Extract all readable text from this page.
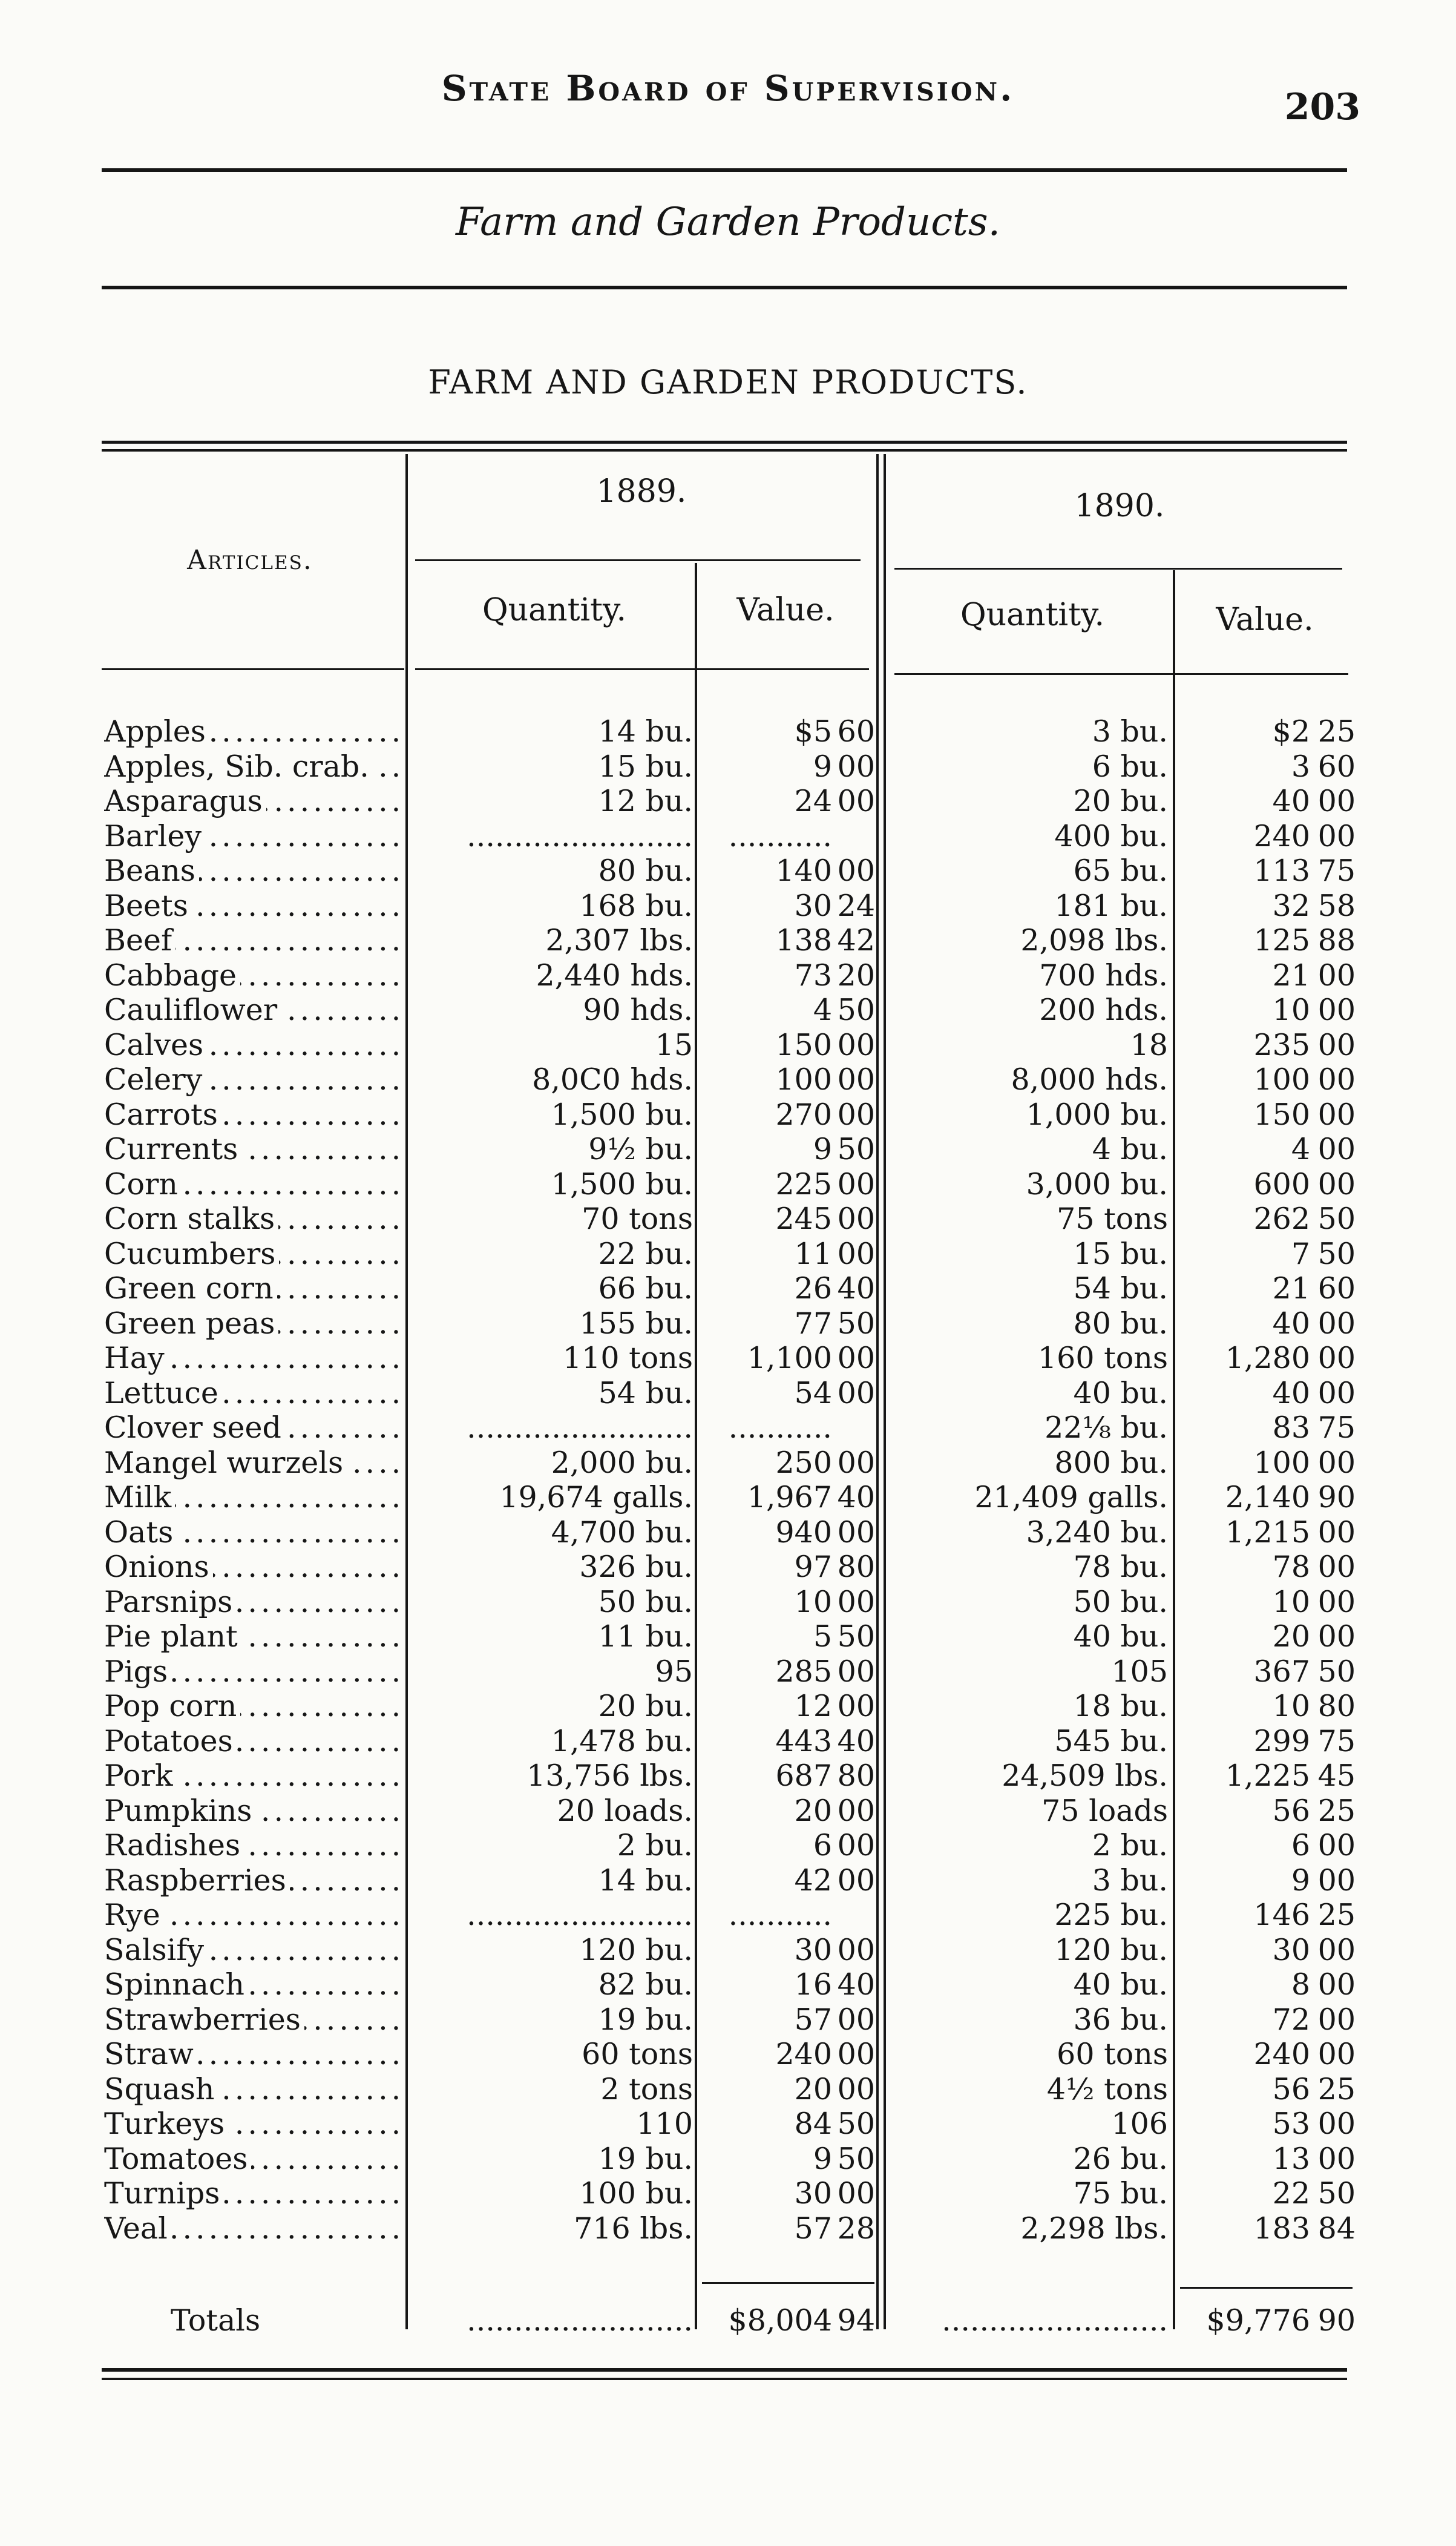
State Board of Supervision.	203
Farm and Garden Products.
FARM AND GARDEN PRODUCTS.
Articles.
1889.	1890.
Quantity.	Value.	Quantity.	Value.
Apples .....	14 bu.	$5 60	3 bu.	$2 25
Apples, Sib. crab. .....	15 bu.	9 00	6 bu.	3 60
Asparagus .....	12 bu.	24 00	20 bu.	40 00
Barley .....	........................	...........	400 bu.	240 00
Beans .....	80 bu.	140 00	65 bu.	113 75
Beets .....	168 bu.	30 24	181 bu.	32 58
Beef .....	2,307 lbs.	138 42	2,098 lbs.	125 88
Cabbage .....	2,440 hds.	73 20	700 hds.	21 00
Cauliflower .....	90 hds.	4 50	200 hds.	10 00
Calves .....	15	150 00	18	235 00
Celery .....	8,0C0 hds.	100 00	8,000 hds.	100 00
Carrots .....	1,500 bu.	270 00	1,000 bu.	150 00
Currents .....	9½ bu.	9 50	4 bu.	4 00
Corn .....	1,500 bu.	225 00	3,000 bu.	600 00
Corn stalks .....	70 tons	245 00	75 tons	262 50
Cucumbers .....	22 bu.	11 00	15 bu.	7 50
Green corn .....	66 bu.	26 40	54 bu.	21 60
Green peas .....	155 bu.	77 50	80 bu.	40 00
Hay .....	110 tons	1,100 00	160 tons	1,280 00
Lettuce .....	54 bu.	54 00	40 bu.	40 00
Clover seed .....	........................	...........	22⅛ bu.	83 75
Mangel wurzels .....	2,000 bu.	250 00	800 bu.	100 00
Milk .....	19,674 galls.	1,967 40	21,409 galls.	2,140 90
Oats .....	4,700 bu.	940 00	3,240 bu.	1,215 00
Onions .....	326 bu.	97 80	78 bu.	78 00
Parsnips .....	50 bu.	10 00	50 bu.	10 00
Pie plant .....	11 bu.	5 50	40 bu.	20 00
Pigs .....	95	285 00	105	367 50
Pop corn .....	20 bu.	12 00	18 bu.	10 80
Potatoes .....	1,478 bu.	443 40	545 bu.	299 75
Pork .....	13,756 lbs.	687 80	24,509 lbs.	1,225 45
Pumpkins .....	20 loads.	20 00	75 loads	56 25
Radishes .....	2 bu.	6 00	2 bu.	6 00
Raspberries .....	14 bu.	42 00	3 bu.	9 00
Rye .....	........................	...........	225 bu.	146 25
Salsify .....	120 bu.	30 00	120 bu.	30 00
Spinnach .....	82 bu.	16 40	40 bu.	8 00
Strawberries .....	19 bu.	57 00	36 bu.	72 00
Straw .....	60 tons	240 00	60 tons	240 00
Squash .....	2 tons	20 00	4½ tons	56 25
Turkeys .....	110	84 50	106	53 00
Tomatoes .....	19 bu.	9 50	26 bu.	13 00
Turnips .....	100 bu.	30 00	75 bu.	22 50
Veal .....	716 lbs.	57 28	2,298 lbs.	183 84
Totals	........................	$8,004 94	........................	$9,776 90
